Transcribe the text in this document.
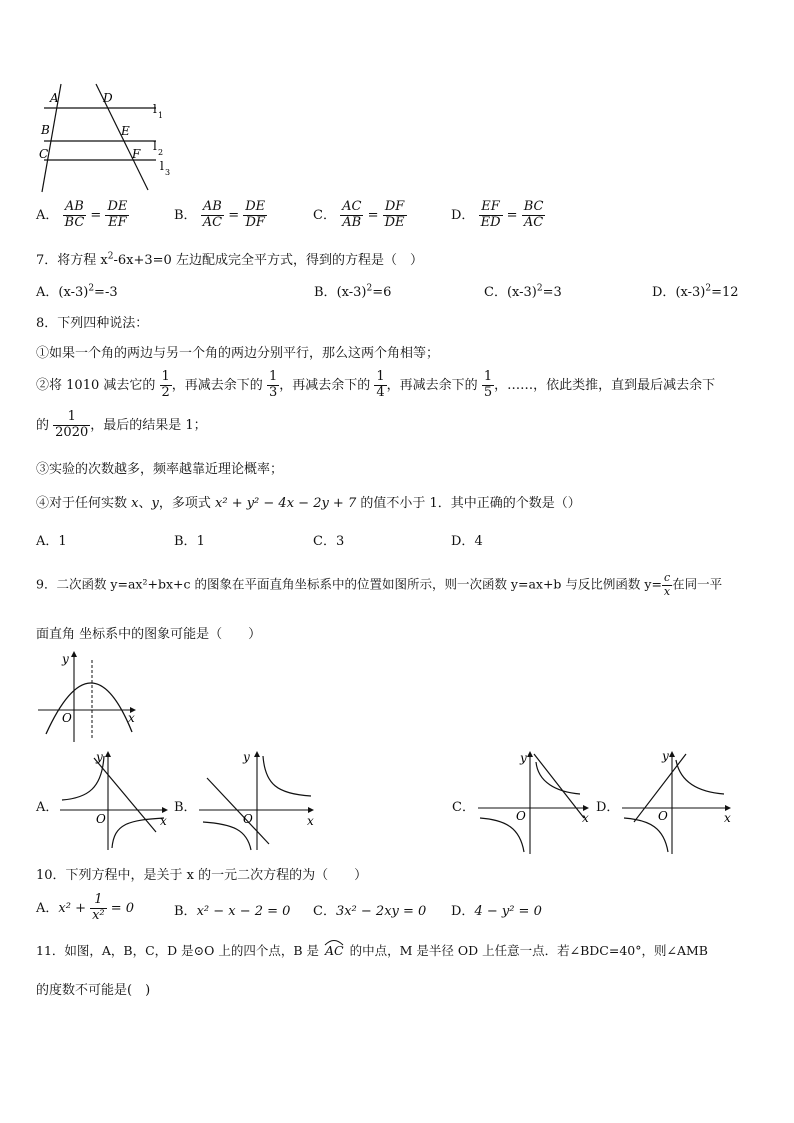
A	D
B	E
C	F
l 1
l 2
l 3
A． $\frac{AB}{BC} = \frac{DE}{EF}$	B． $\frac{AB}{AC} = \frac{DE}{DF}$	C． $\frac{AC}{AB} = \frac{DF}{DE}$	D． $\frac{EF}{ED} = \frac{BC}{AC}$
7．将方程 $x^2-6x+3=0$ 左边配成完全平方式，得到的方程是（　）
A．$(x-3)^2=-3$	B．$(x-3)^2=6$	C．$(x-3)^2=3$	D．$(x-3)^2=12$
8．下列四种说法：
①如果一个角的两边与另一个角的两边分别平行，那么这两个角相等；
②将 1010 减去它的 $\frac{1}{2}$ ，再减去余下的 $\frac{1}{3}$ ，再减去余下的 $\frac{1}{4}$ ，再减去余下的 $\frac{1}{5}$ ，……，依此类推，直到最后减去余下
的 $\frac{1}{2020}$ ，最后的结果是 1；
③实验的次数越多，频率越靠近理论概率；
④对于任何实数 x、y，多项式 x² + y² − 4x − 2y + 7 的值不小于 1．其中正确的个数是（）
A．1	B．1	C．3	D．4
9．二次函数 y=ax²+bx+c 的图象在平面直角坐标系中的位置如图所示，则一次函数 y=ax+b 与反比例函数 $y= \frac{c}{x}$ 在同一平
面直角 坐标系中的图象可能是（　　）
y
x
O
A．
y
x
O
B．
y
x
O
C．
y
x
O
D．
y
x
O
10．下列方程中，是关于 x 的一元二次方程的为（　　）
A．$x^2 + \frac{1}{\text{x²}} = 0$	B．x² − x − 2 = 0 C．3x² − 2xy = 0 D．4 − y² = 0
11．如图，A，B，C，D 是⊙O 上的四个点，B 是 AC 的中点，M 是半径 OD 上任意一点．若∠BDC=40°，则∠AMB
的度数不可能是(　)
